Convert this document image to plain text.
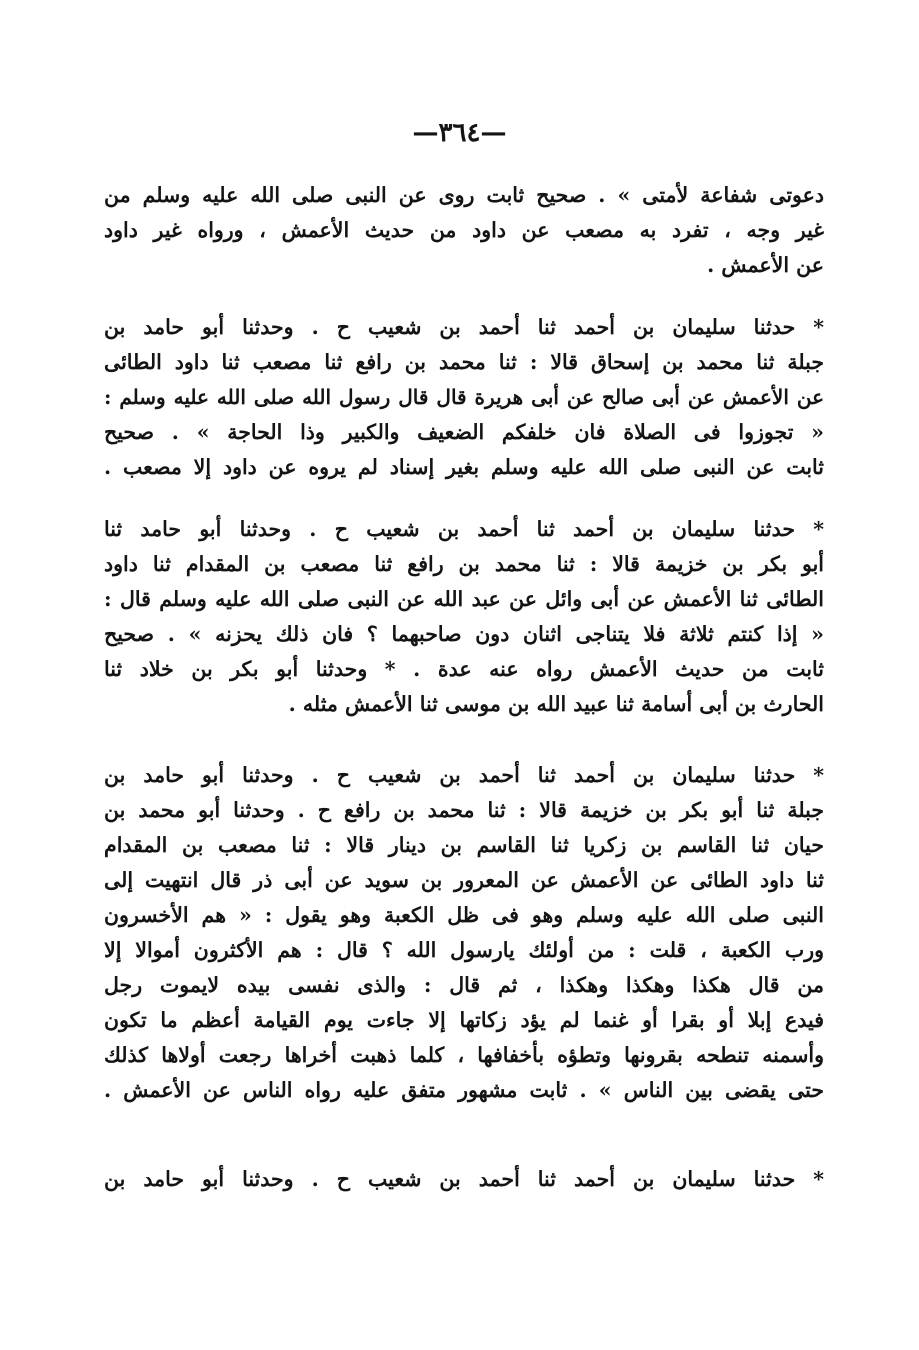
—٣٦٤—
دعوتى شفاعة لأمتى » . صحيح ثابت روى عن النبى صلى الله عليه وسلم من
غير وجه ، تفرد به مصعب عن داود من حديث الأعمش ، ورواه غير داود
عن الأعمش .
* حدثنا سليمان بن أحمد ثنا أحمد بن شعيب ح . وحدثنا أبو حامد بن
جبلة ثنا محمد بن إسحاق قالا : ثنا محمد بن رافع ثنا مصعب ثنا داود الطائى
عن الأعمش عن أبى صالح عن أبى هريرة قال قال رسول الله صلى الله عليه وسلم :
« تجوزوا فى الصلاة فان خلفكم الضعيف والكبير وذا الحاجة » . صحيح
ثابت عن النبى صلى الله عليه وسلم بغير إسناد لم يروه عن داود إلا مصعب .
* حدثنا سليمان بن أحمد ثنا أحمد بن شعيب ح . وحدثنا أبو حامد ثنا
أبو بكر بن خزيمة قالا : ثنا محمد بن رافع ثنا مصعب بن المقدام ثنا داود
الطائى ثنا الأعمش عن أبى وائل عن عبد الله عن النبى صلى الله عليه وسلم قال :
« إذا كنتم ثلاثة فلا يتناجى اثنان دون صاحبهما ؟ فان ذلك يحزنه » . صحيح
ثابت من حديث الأعمش رواه عنه عدة . * وحدثنا أبو بكر بن خلاد ثنا
الحارث بن أبى أسامة ثنا عبيد الله بن موسى ثنا الأعمش مثله .
* حدثنا سليمان بن أحمد ثنا أحمد بن شعيب ح . وحدثنا أبو حامد بن
جبلة ثنا أبو بكر بن خزيمة قالا : ثنا محمد بن رافع ح . وحدثنا أبو محمد بن
حيان ثنا القاسم بن زكريا ثنا القاسم بن دينار قالا : ثنا مصعب بن المقدام
ثنا داود الطائى عن الأعمش عن المعرور بن سويد عن أبى ذر قال انتهيت إلى
النبى صلى الله عليه وسلم وهو فى ظل الكعبة وهو يقول : « هم الأخسرون
ورب الكعبة ، قلت : من أولئك يارسول الله ؟ قال : هم الأكثرون أموالا إلا
من قال هكذا وهكذا وهكذا ، ثم قال : والذى نفسى بيده لايموت رجل
فيدع إبلا أو بقرا أو غنما لم يؤد زكاتها إلا جاءت يوم القيامة أعظم ما تكون
وأسمنه تنطحه بقرونها وتطؤه بأخفافها ، كلما ذهبت أخراها رجعت أولاها كذلك
حتى يقضى بين الناس » . ثابت مشهور متفق عليه رواه الناس عن الأعمش .
* حدثنا سليمان بن أحمد ثنا أحمد بن شعيب ح . وحدثنا أبو حامد بن
